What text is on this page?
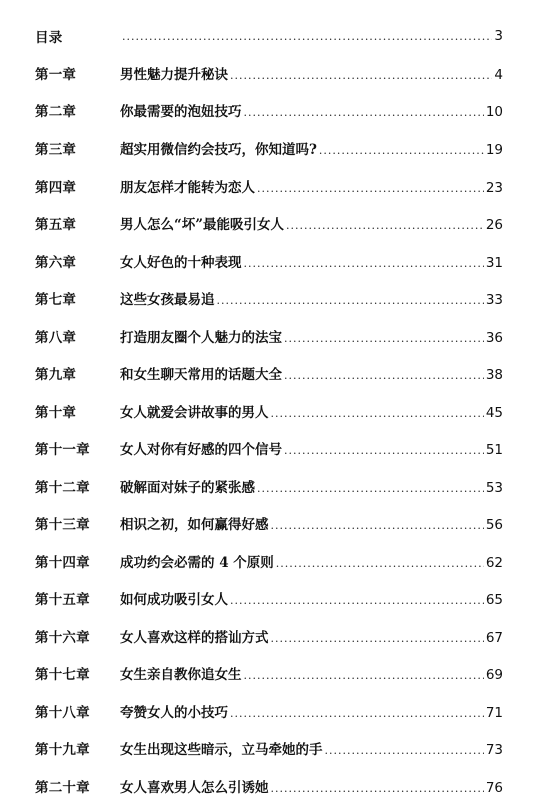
目录 .....	3
第一章	男性魅力提升秘诀 .....	4
第二章	你最需要的泡妞技巧 .....	10
第三章	超实用微信约会技巧，你知道吗? .....	19
第四章	朋友怎样才能转为恋人 .....	23
第五章	男人怎么“坏”最能吸引女人 .....	26
第六章	女人好色的十种表现 .....	31
第七章	这些女孩最易追 .....	33
第八章	打造朋友圈个人魅力的法宝 .....	36
第九章	和女生聊天常用的话题大全 .....	38
第十章	女人就爱会讲故事的男人 .....	45
第十一章	女人对你有好感的四个信号 .....	51
第十二章	破解面对妹子的紧张感 .....	53
第十三章	相识之初，如何赢得好感 .....	56
第十四章	成功约会必需的 4 个原则 .....	62
第十五章	如何成功吸引女人 .....	65
第十六章	女人喜欢这样的搭讪方式 .....	67
第十七章	女生亲自教你追女生 .....	69
第十八章	夸赞女人的小技巧 .....	71
第十九章	女生出现这些暗示，立马牵她的手 .....	73
第二十章	女人喜欢男人怎么引诱她 .....	76
